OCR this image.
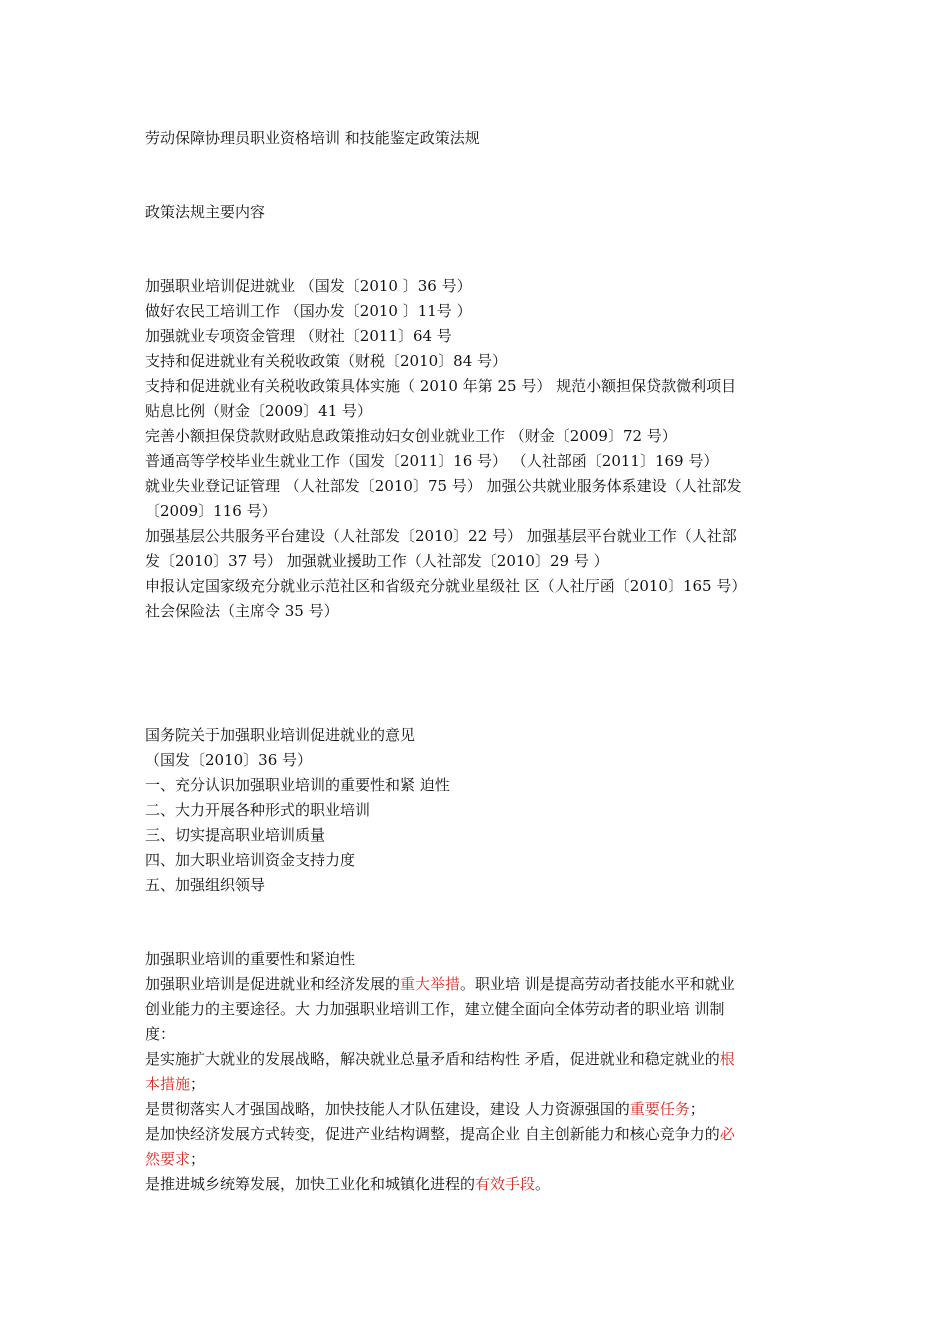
劳动保障协理员职业资格培训 和技能鉴定政策法规
政策法规主要内容
加强职业培训促进就业 （国发〔2010 〕36 号）
做好农民工培训工作 （国办发〔2010 〕11号 ）
加强就业专项资金管理 （财社〔2011〕64 号
支持和促进就业有关税收政策（财税〔2010〕84 号）
支持和促进就业有关税收政策具体实施（ 2010 年第 25 号） 规范小额担保贷款微利项目
贴息比例（财金〔2009〕41 号）
完善小额担保贷款财政贴息政策推动妇女创业就业工作 （财金〔2009〕72 号）
普通高等学校毕业生就业工作（国发〔2011〕16 号） （人社部函〔2011〕169 号）
就业失业登记证管理 （人社部发〔2010〕75 号） 加强公共就业服务体系建设（人社部发
〔2009〕116 号）
加强基层公共服务平台建设（人社部发〔2010〕22 号） 加强基层平台就业工作（人社部
发〔2010〕37 号） 加强就业援助工作（人社部发〔2010〕29 号 ）
申报认定国家级充分就业示范社区和省级充分就业星级社 区（人社厅函〔2010〕165 号）
社会保险法（主席令 35 号）
国务院关于加强职业培训促进就业的意见
（国发〔2010〕36 号）
一、充分认识加强职业培训的重要性和紧 迫性
二、大力开展各种形式的职业培训
三、切实提高职业培训质量
四、加大职业培训资金支持力度
五、加强组织领导
加强职业培训的重要性和紧迫性
加强职业培训是促进就业和经济发展的重大举措。职业培 训是提高劳动者技能水平和就业
创业能力的主要途径。大 力加强职业培训工作，建立健全面向全体劳动者的职业培 训制
度：
是实施扩大就业的发展战略，解决就业总量矛盾和结构性 矛盾，促进就业和稳定就业的根
本措施；
是贯彻落实人才强国战略，加快技能人才队伍建设，建设 人力资源强国的重要任务；
是加快经济发展方式转变，促进产业结构调整，提高企业 自主创新能力和核心竞争力的必
然要求；
是推进城乡统筹发展，加快工业化和城镇化进程的有效手段。
